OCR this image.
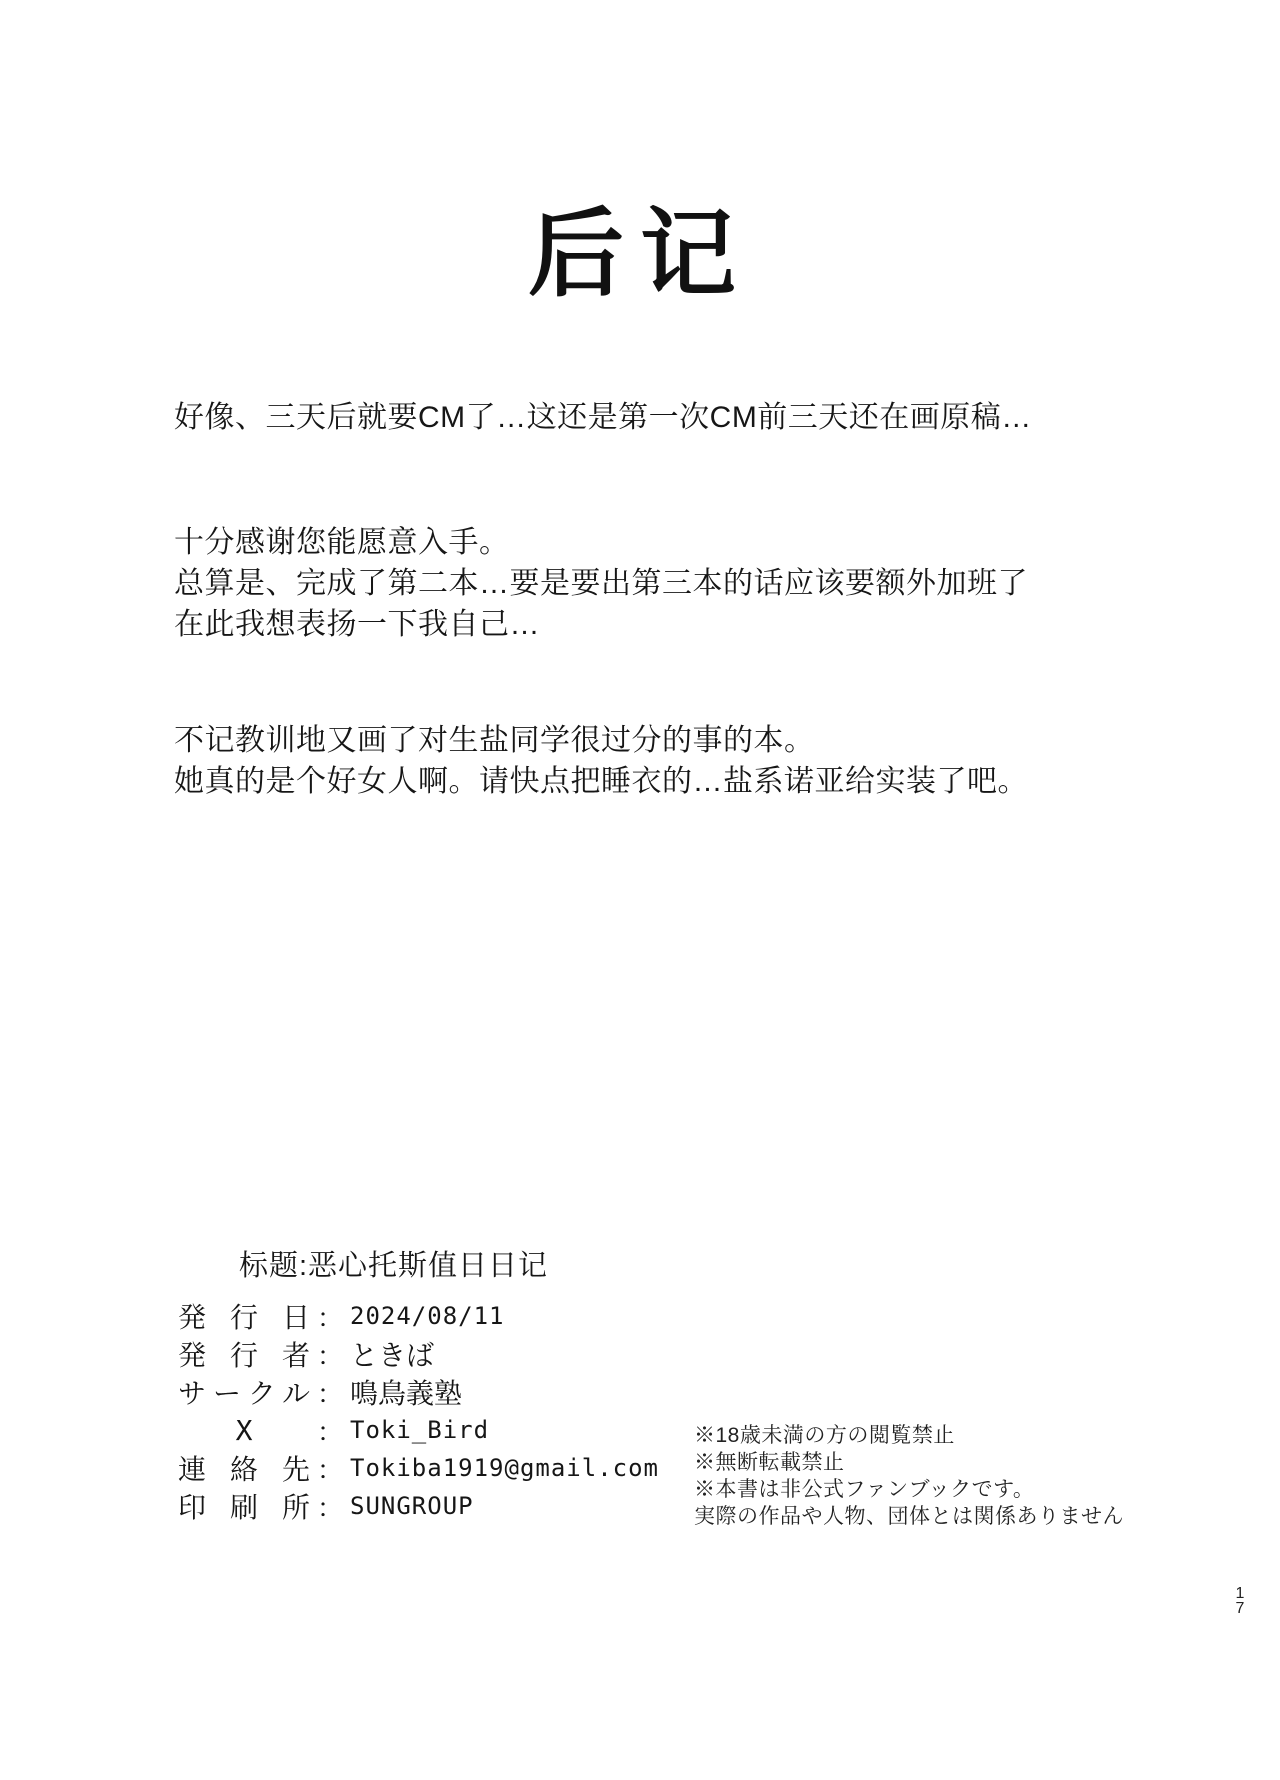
后记
好像、三天后就要CM了…这还是第一次CM前三天还在画原稿…
十分感谢您能愿意入手。
总算是、完成了第二本…要是要出第三本的话应该要额外加班了
在此我想表扬一下我自己…
不记教训地又画了对生盐同学很过分的事的本。
她真的是个好女人啊。请快点把睡衣的…盐系诺亚给实装了吧。
标题:恶心托斯值日日记
発行日 ： 2024/08/11
発行者 ： ときば
サークル ： 鳴鳥義塾
X	： Toki_Bird
連絡先 ： Tokiba1919@gmail.com
印刷所 ： SUNGROUP
※18歳未満の方の閲覧禁止
※無断転載禁止
※本書は非公式ファンブックです。
実際の作品や人物、団体とは関係ありません
1
7
